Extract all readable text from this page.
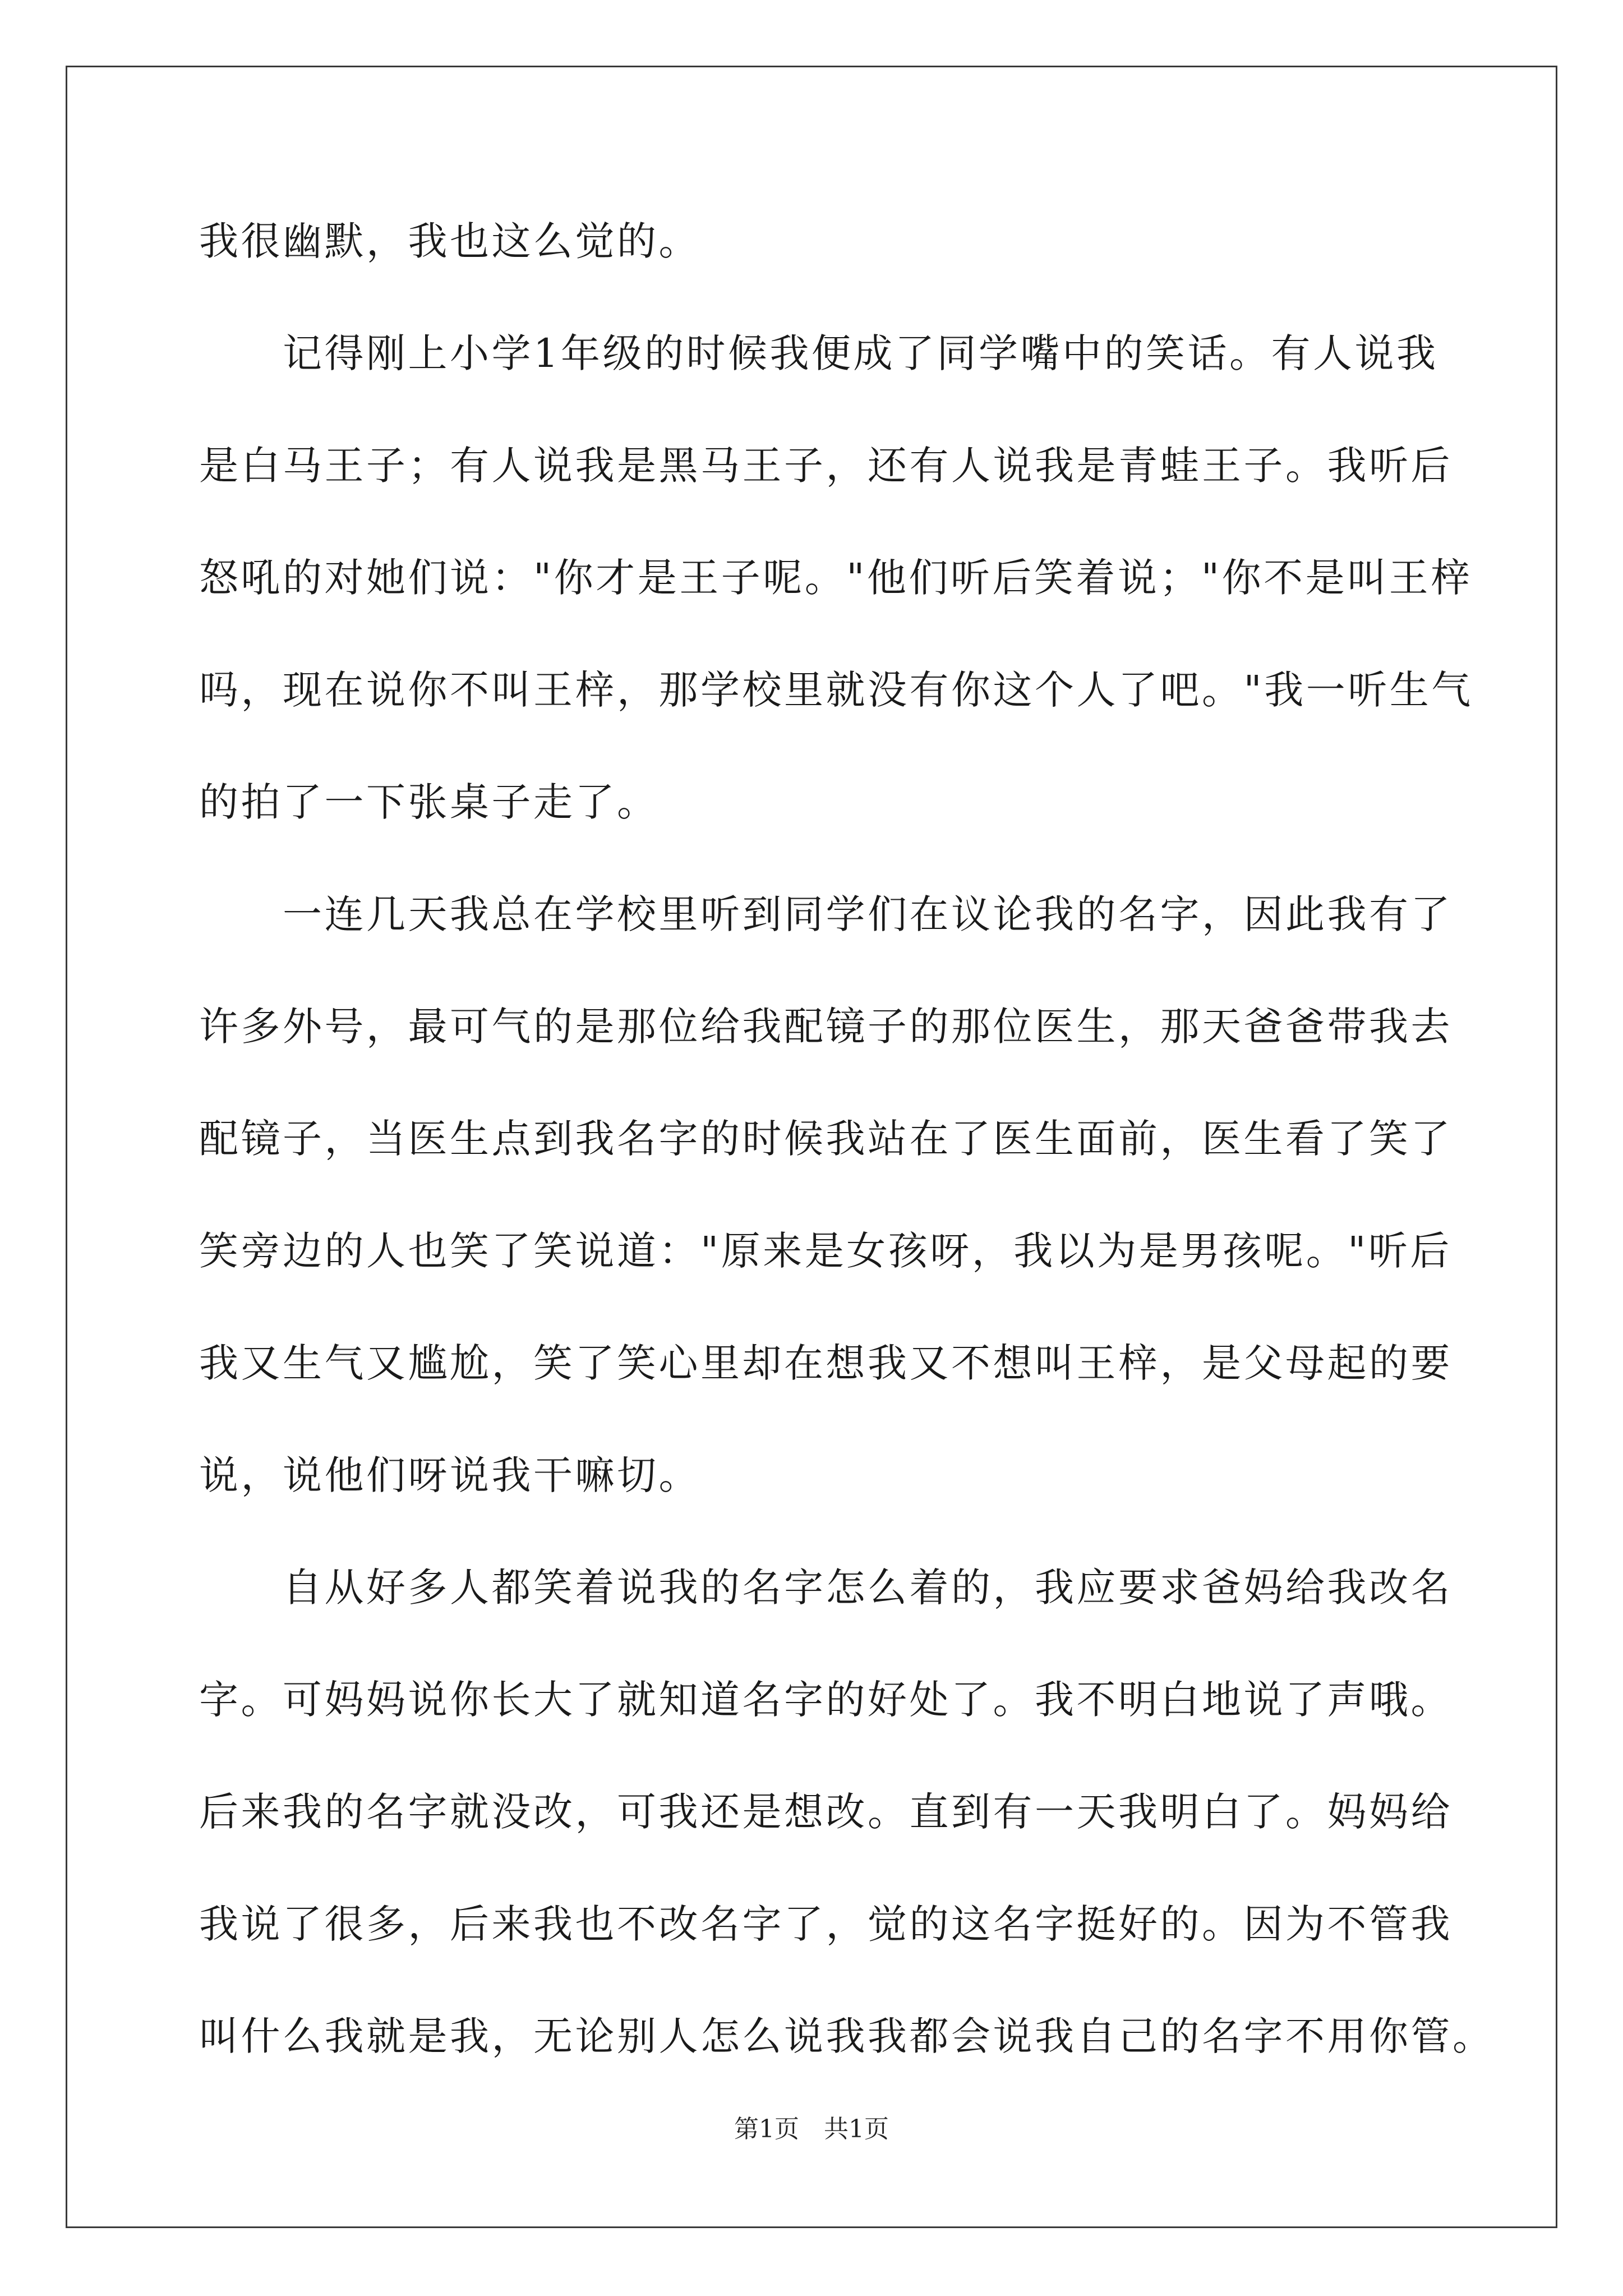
我很幽默，我也这么觉的。
　　记得刚上小学1年级的时候我便成了同学嘴中的笑话。有人说我
是白马王子；有人说我是黑马王子，还有人说我是青蛙王子。我听后
怒吼的对她们说："你才是王子呢。"他们听后笑着说；"你不是叫王梓
吗，现在说你不叫王梓，那学校里就没有你这个人了吧。"我一听生气
的拍了一下张桌子走了。
　　一连几天我总在学校里听到同学们在议论我的名字，因此我有了
许多外号，最可气的是那位给我配镜子的那位医生，那天爸爸带我去
配镜子，当医生点到我名字的时候我站在了医生面前，医生看了笑了
笑旁边的人也笑了笑说道："原来是女孩呀，我以为是男孩呢。"听后
我又生气又尴尬，笑了笑心里却在想我又不想叫王梓，是父母起的要
说，说他们呀说我干嘛切。
　　自从好多人都笑着说我的名字怎么着的，我应要求爸妈给我改名
字。可妈妈说你长大了就知道名字的好处了。我不明白地说了声哦。
后来我的名字就没改，可我还是想改。直到有一天我明白了。妈妈给
我说了很多，后来我也不改名字了，觉的这名字挺好的。因为不管我
叫什么我就是我，无论别人怎么说我我都会说我自己的名字不用你管。
第1页　共1页
